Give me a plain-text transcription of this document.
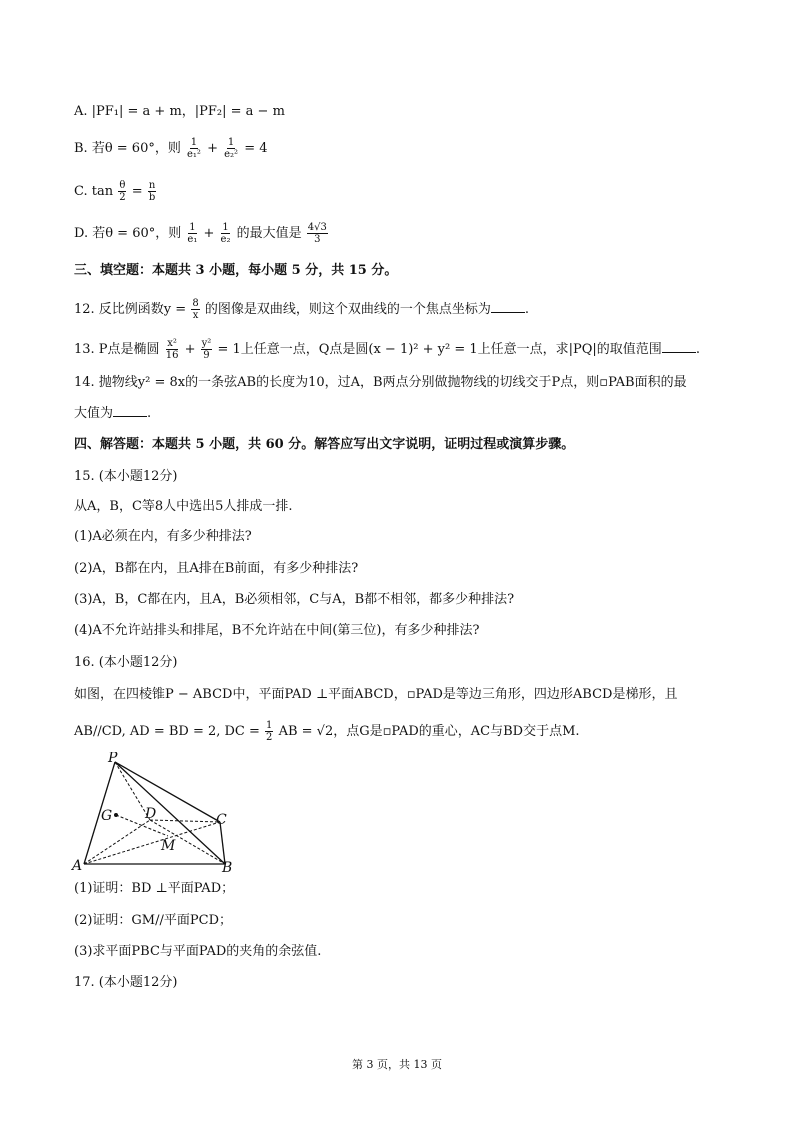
A. |PF₁| = a + m，|PF₂| = a − m
B. 若θ = 60°，则 $\frac{1}{\text{e₁²}} + \frac{1}{\text{e₂²}} = 4$
C. $\tan \frac{\theta}{2} = \frac{n}{b}$
D. 若θ = 60°，则 $\frac{1}{\text{e₁}} + \frac{1}{\text{e₂}}$ 的最大值是 $\frac{4√3}{3}$
三、填空题：本题共 3 小题，每小题 5 分，共 15 分。
12. 反比例函数$y = \frac{8}{x}$ 的图像是双曲线，则这个双曲线的一个焦点坐标为	.
13. P点是椭圆 $\frac{\text{x²}}{16} + \frac{\text{y²}}{9} = 1$上任意一点，Q点是圆(x − 1)² + y² = 1上任意一点，求|PQ|的取值范围	.
14. 抛物线y² = 8x的一条弦AB的长度为10，过A，B两点分别做抛物线的切线交于P点，则▫PAB面积的最
大值为	.
四、解答题：本题共 5 小题，共 60 分。解答应写出文字说明，证明过程或演算步骤。
15. (本小题12分)
从A，B，C等8人中选出5人排成一排.
(1)A必须在内，有多少种排法?
(2)A，B都在内，且A排在B前面，有多少种排法?
(3)A，B，C都在内，且A，B必须相邻，C与A，B都不相邻，都多少种排法?
(4)A不允许站排头和排尾，B不允许站在中间(第三位)，有多少种排法?
16. (本小题12分)
如图，在四棱锥P − ABCD中，平面PAD ⊥平面ABCD，▫PAD是等边三角形，四边形ABCD是梯形，且
AB//CD, AD = BD = 2, DC = $\frac{1}{2}$ AB = √2，点G是▫PAD的重心，AC与BD交于点M.
P
G D	C
M
A	B
(1)证明：BD ⊥平面PAD；
(2)证明：GM//平面PCD；
(3)求平面PBC与平面PAD的夹角的余弦值.
17. (本小题12分)
第 3 页，共 13 页
